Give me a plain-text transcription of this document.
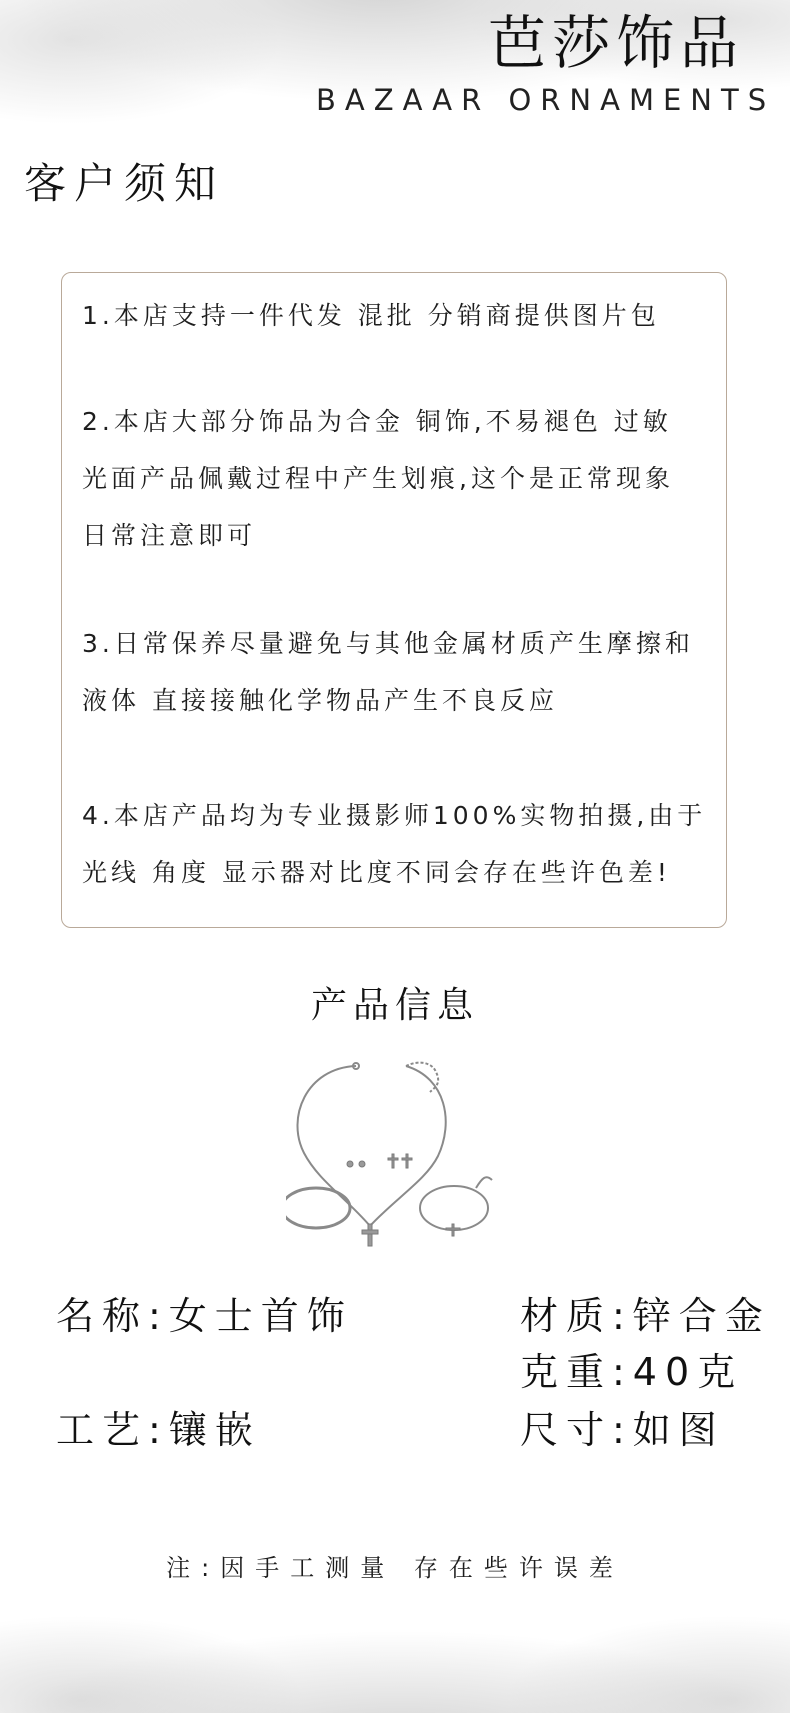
芭莎饰品
BAZAAR ORNAMENTS
客户须知
1.本店支持一件代发 混批 分销商提供图片包
2.本店大部分饰品为合金 铜饰,不易褪色 过敏
光面产品佩戴过程中产生划痕,这个是正常现象
日常注意即可
3.日常保养尽量避免与其他金属材质产生摩擦和
液体 直接接触化学物品产生不良反应
4.本店产品均为专业摄影师100%实物拍摄,由于
光线 角度 显示器对比度不同会存在些许色差!
产品信息
名称:女士首饰	材质:锌合金
克重:40克
工艺:镶嵌	尺寸:如图
注:因手工测量 存在些许误差
